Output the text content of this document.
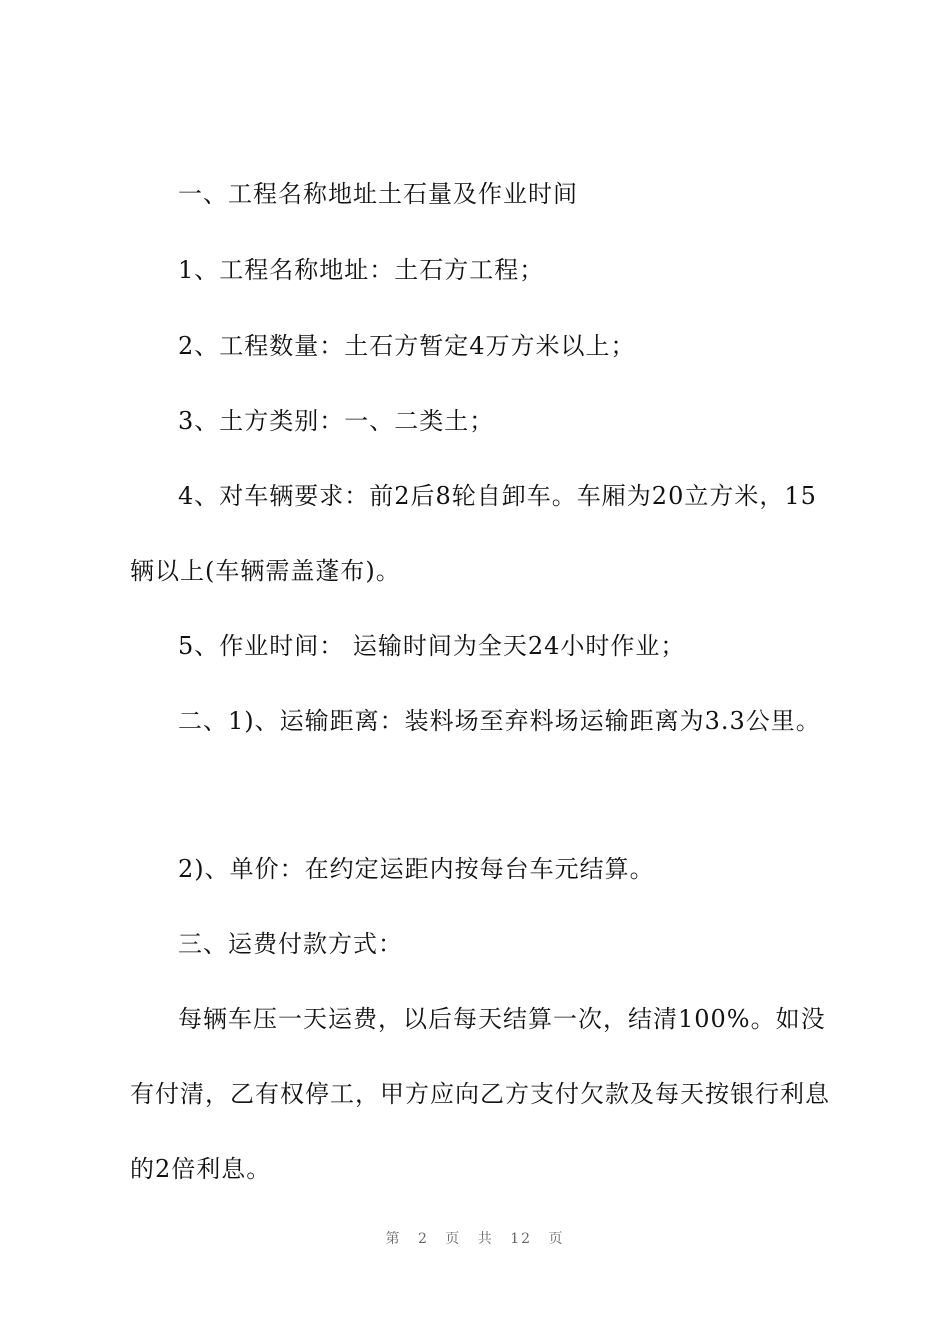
一、工程名称地址土石量及作业时间
1、工程名称地址：土石方工程；
2、工程数量：土石方暂定4万方米以上；
3、土方类别：一、二类土；
4、对车辆要求：前2后8轮自卸车。车厢为20立方米，15
辆以上(车辆需盖蓬布)。
5、作业时间： 运输时间为全天24小时作业；
二、1)、运输距离：装料场至弃料场运输距离为3.3公里。
2)、单价：在约定运距内按每台车元结算。
三、运费付款方式：
每辆车压一天运费，以后每天结算一次，结清100%。如没
有付清，乙有权停工，甲方应向乙方支付欠款及每天按银行利息
的2倍利息。
第 2 页 共 12 页
